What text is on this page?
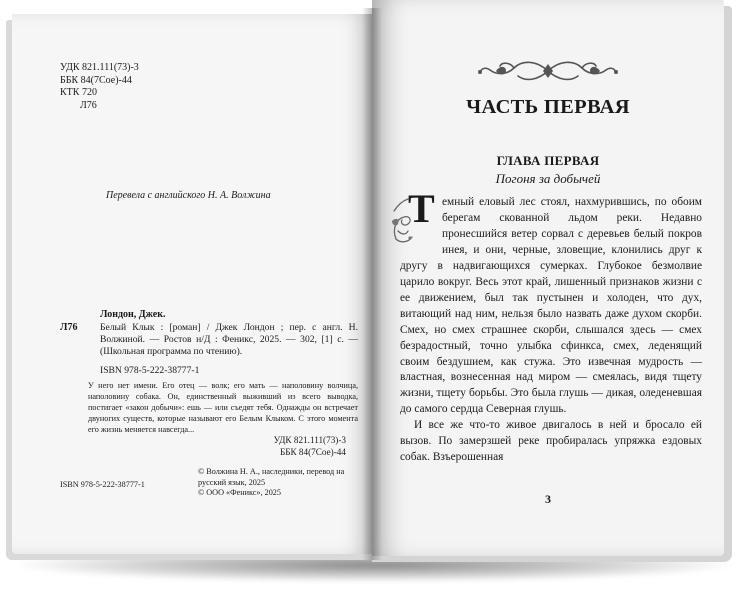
УДК 821.111(73)-3
ББК 84(7Сое)-44
КТК 720
Л76
Перевела с английского Н. А. Волжина
Лондон, Джек.
Л76 Белый Клык : [роман] / Джек Лондон ; пер. с англ. Н. Волжиной. — Ростов н/Д : Феникс, 2025. — 302, [1] с. — (Школьная программа по чтению).
ISBN 978-5-222-38777-1
У него нет имени. Его отец — волк; его мать — наполовину волчица, наполовину собака. Он, единственный выживший из всего выводка, постигает «закон добычи»: ешь — или съедят тебя. Однажды он встречает двуногих существ, которые называют его Белым Клыком. С этого момента его жизнь меняется навсегда...
УДК 821.111(73)-3
ББК 84(7Сое)-44
ISBN 978-5-222-38777-1
© Волжина Н. А., наследники, перевод на русский язык, 2025
© ООО «Феникс», 2025
ЧАСТЬ ПЕРВАЯ
ГЛАВА ПЕРВАЯ
Погоня за добычей

Т емный еловый лес стоял, нахмурившись, по обоим берегам скованной льдом реки. Недавно пронесшийся ветер сорвал с деревьев белый покров инея, и они, черные, зловещие, клонились друг к другу в надвигающихся сумерках. Глубокое безмолвие царило вокруг. Весь этот край, лишенный признаков жизни с ее движением, был так пустынен и холоден, что дух, витающий над ним, нельзя было назвать даже духом скорби. Смех, но смех страшнее скорби, слышался здесь — смех безрадостный, точно улыбка сфинкса, смех, леденящий своим бездушием, как стужа. Это извечная мудрость — властная, вознесенная над миром — смеялась, видя тщету жизни, тщету борьбы. Это была глушь — дикая, оледеневшая до самого сердца Северная глушь.

И все же что-то живое двигалось в ней и бросало ей вызов. По замерзшей реке пробиралась упряжка ездовых собак. Взъерошенная

3
